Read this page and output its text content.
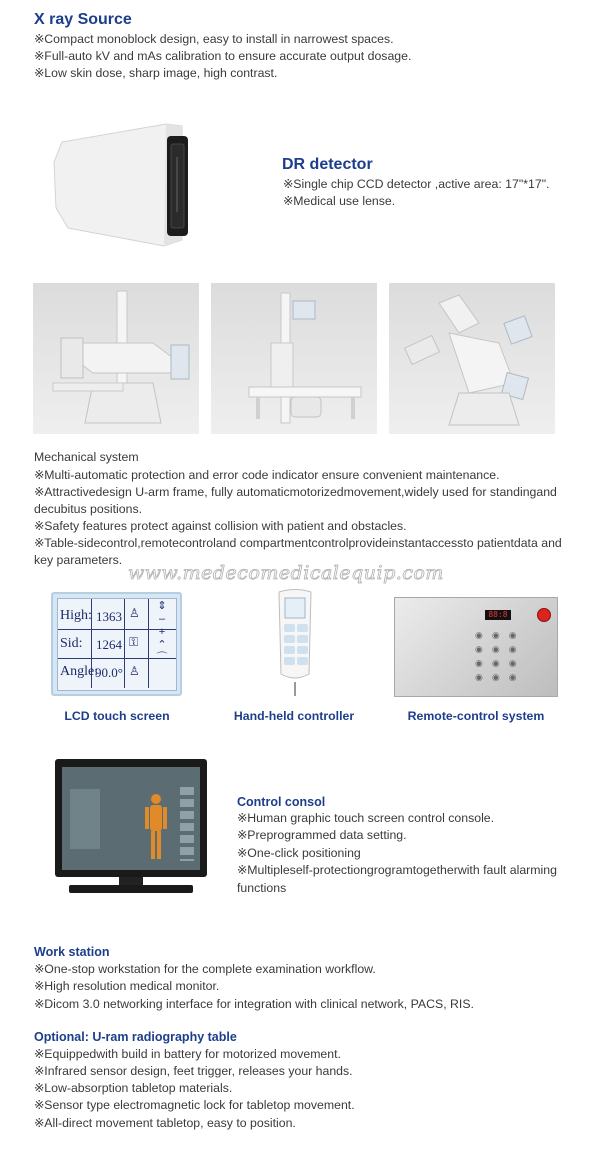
X ray Source
※Compact monoblock design, easy to install in narrowest spaces.
※Full-auto kV and mAs calibration to ensure accurate output dosage.
※Low skin dose, sharp image, high contrast.
DR detector
※Single chip CCD detector ,active area: 17"*17".
※Medical use lense.
Mechanical system
※Multi-automatic protection and error code indicator ensure convenient maintenance.
※Attractivedesign U-arm frame, fully automaticmotorizedmovement,widely used for standingand
decubitus positions.
※Safety features protect against collision with patient and obstacles.
※Table-sidecontrol,remotecontroland compartmentcontrolprovideinstantaccessto patientdata and
key parameters.
www.medecomedicalequip.com
High:
Sid:
Angle:
1363
1264
90.0°
♙
⚿
♙
⇕
–
+
⌃
⌒
LCD touch screen	Hand-held controller
88:8
◉◉◉
◉◉◉
◉◉◉
◉◉◉
Remote-control system
Control consol
※Human graphic touch screen control console.
※Preprogrammed data setting.
※One-click positioning
※Multipleself-protectiongrogramtogetherwith fault alarming
functions
Work station
※One-stop workstation for the complete examination workflow.
※High resolution medical monitor.
※Dicom 3.0 networking interface for integration with clinical network, PACS, RIS.
Optional: U-ram radiography table
※Equippedwith build in battery for motorized movement.
※Infrared sensor design, feet trigger, releases your hands.
※Low-absorption tabletop materials.
※Sensor type electromagnetic lock for tabletop movement.
※All-direct movement tabletop, easy to position.
